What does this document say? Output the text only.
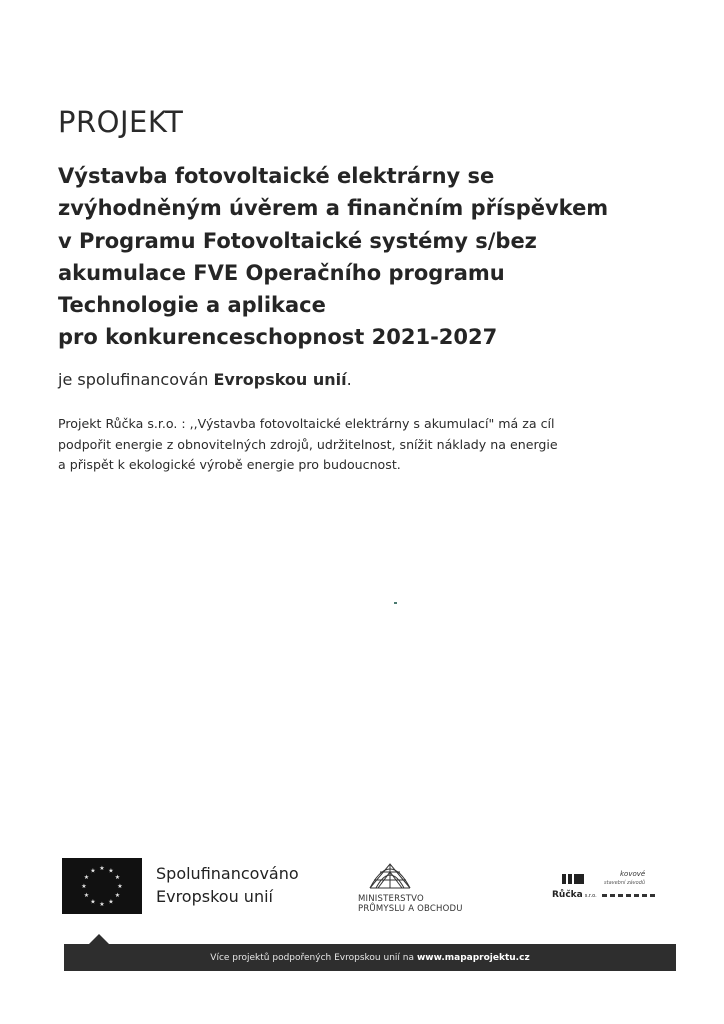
PROJEKT
Výstavba fotovoltaické elektrárny se
zvýhodněným úvěrem a finančním příspěvkem
v Programu Fotovoltaické systémy s/bez
akumulace FVE Operačního programu
Technologie a aplikace
pro konkurenceschopnost 2021-2027

je spolufinancován Evropskou unií.

Projekt Růčka s.r.o. : ,,Výstavba fotovoltaické elektrárny s akumulací" má za cíl
podpořit energie z obnovitelných zdrojů, udržitelnost, snížit náklady na energie
a přispět k ekologické výrobě energie pro budoucnost.
★ ★
★
★
★
★
★
★
★
★
★
★	Spolufinancováno
Evropskou unií	MINISTERSTVO
PRŮMYSLU A OBCHODU
kovové
stavební závodů
Růčka s.r.o.
Více projektů podpořených Evropskou unií na www.mapaprojektu.cz
